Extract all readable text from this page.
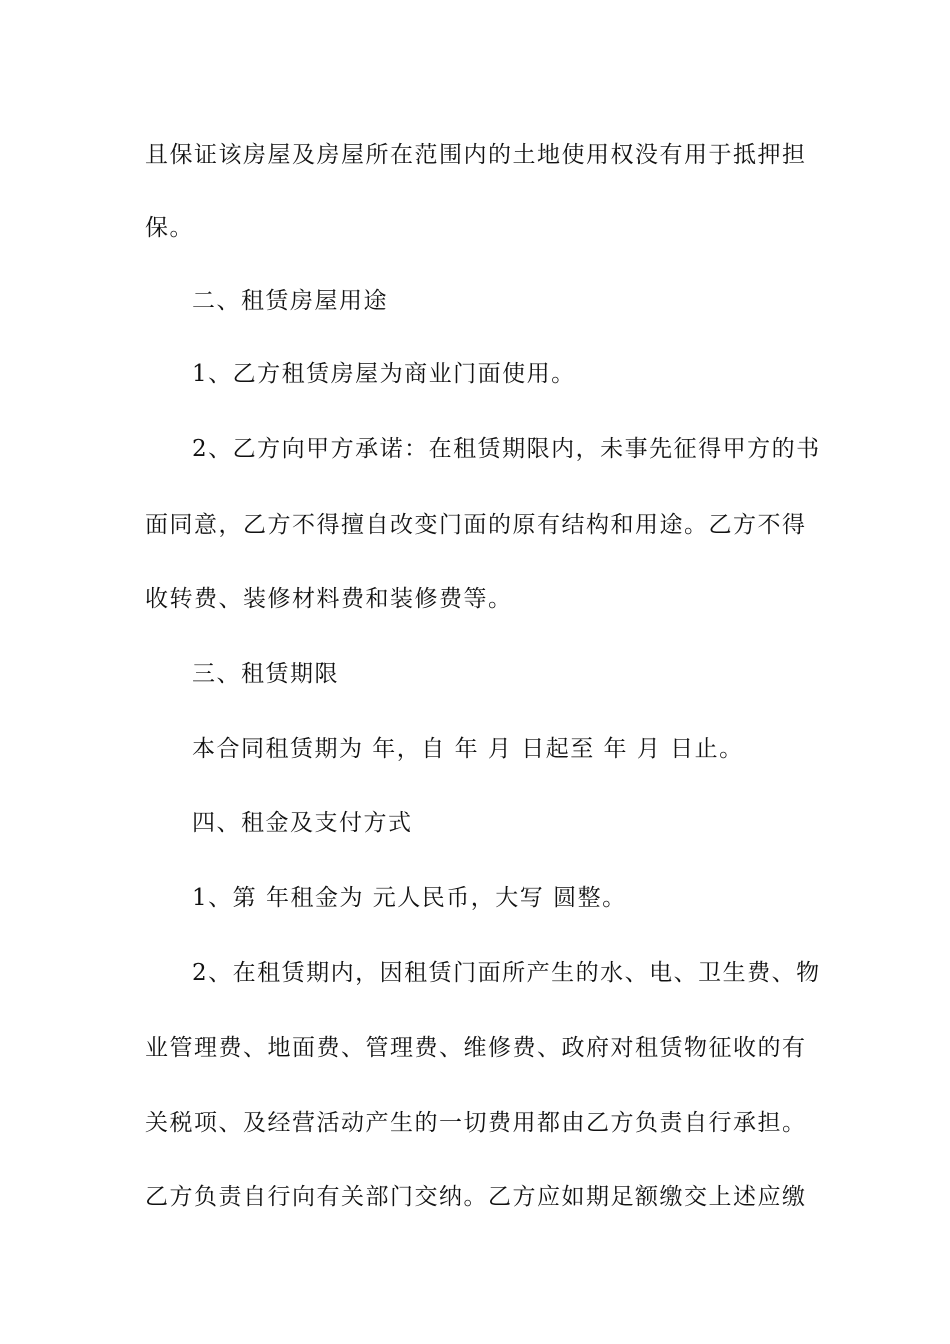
且保证该房屋及房屋所在范围内的土地使用权没有用于抵押担
保。
二、租赁房屋用途
1、乙方租赁房屋为商业门面使用。
2、乙方向甲方承诺：在租赁期限内，未事先征得甲方的书
面同意，乙方不得擅自改变门面的原有结构和用途。乙方不得
收转费、装修材料费和装修费等。
三、租赁期限
本合同租赁期为 年，自 年 月 日起至 年 月 日止。
四、租金及支付方式
1、第 年租金为 元人民币，大写 圆整。
2、在租赁期内，因租赁门面所产生的水、电、卫生费、物
业管理费、地面费、管理费、维修费、政府对租赁物征收的有
关税项、及经营活动产生的一切费用都由乙方负责自行承担。
乙方负责自行向有关部门交纳。乙方应如期足额缴交上述应缴
